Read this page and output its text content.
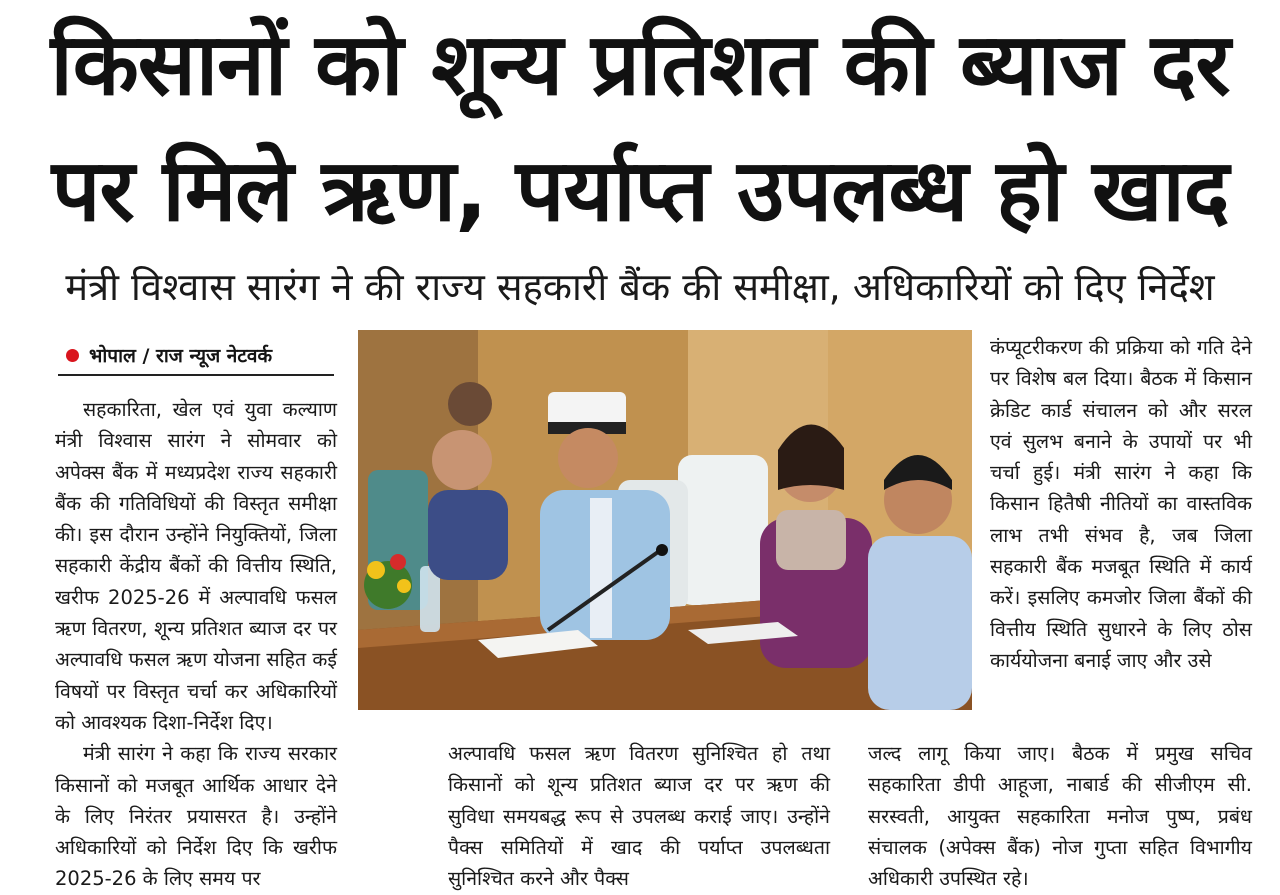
किसानों को शून्य प्रतिशत की ब्याज दर
पर मिले ऋण, पर्याप्त उपलब्ध हो खाद
मंत्री विश्वास सारंग ने की राज्य सहकारी बैंक की समीक्षा, अधिकारियों को दिए निर्देश
भोपाल / राज न्यूज नेटवर्क

सहकारिता, खेल एवं युवा कल्याण मंत्री विश्वास सारंग ने सोमवार को अपेक्स बैंक में मध्यप्रदेश राज्य सहकारी बैंक की गतिविधियों की विस्तृत समीक्षा की। इस दौरान उन्होंने नियुक्तियों, जिला सहकारी केंद्रीय बैंकों की वित्तीय स्थिति, खरीफ 2025-26 में अल्पावधि फसल ऋण वितरण, शून्य प्रतिशत ब्याज दर पर अल्पावधि फसल ऋण योजना सहित कई विषयों पर विस्तृत चर्चा कर अधिकारियों को आवश्यक दिशा-निर्देश दिए।

मंत्री सारंग ने कहा कि राज्य सरकार किसानों को मजबूत आर्थिक आधार देने के लिए निरंतर प्रयासरत है। उन्होंने अधिकारियों को निर्देश दिए कि खरीफ 2025-26 के लिए समय पर

अल्पावधि फसल ऋण वितरण सुनिश्चित हो तथा किसानों को शून्य प्रतिशत ब्याज दर पर ऋण की सुविधा समयबद्ध रूप से उपलब्ध कराई जाए। उन्होंने पैक्स समितियों में खाद की पर्याप्त उपलब्धता सुनिश्चित करने और पैक्स

कंप्यूटरीकरण की प्रक्रिया को गति देने पर विशेष बल दिया। बैठक में किसान क्रेडिट कार्ड संचालन को और सरल एवं सुलभ बनाने के उपायों पर भी चर्चा हुई। मंत्री सारंग ने कहा कि किसान हितैषी नीतियों का वास्तविक लाभ तभी संभव है, जब जिला सहकारी बैंक मजबूत स्थिति में कार्य करें। इसलिए कमजोर जिला बैंकों की वित्तीय स्थिति सुधारने के लिए ठोस कार्ययोजना बनाई जाए और उसे

जल्द लागू किया जाए। बैठक में प्रमुख सचिव सहकारिता डीपी आहूजा, नाबार्ड की सीजीएम सी. सरस्वती, आयुक्त सहकारिता मनोज पुष्प, प्रबंध संचालक (अपेक्स बैंक) नोज गुप्ता सहित विभागीय अधिकारी उपस्थित रहे।
